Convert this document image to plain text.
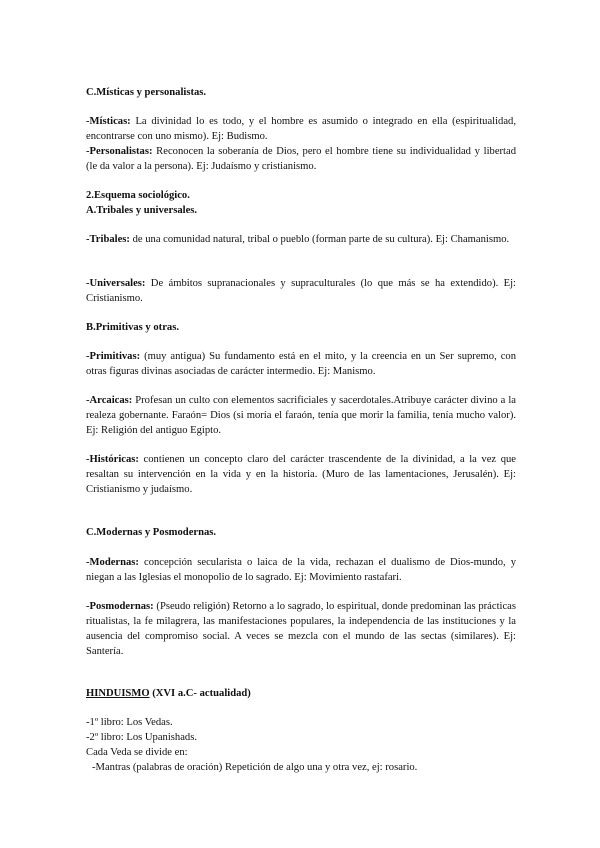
C.Místicas y personalistas.
-Místicas: La divinidad lo es todo, y el hombre es asumido o integrado en ella (espiritualidad, encontrarse con uno mismo). Ej: Budismo.
-Personalistas: Reconocen la soberanía de Dios, pero el hombre tiene su individualidad y libertad (le da valor a la persona). Ej: Judaísmo y cristianismo.
2.Esquema sociológico.
A.Tribales y universales.
-Tribales: de una comunidad natural, tribal o pueblo (forman parte de su cultura). Ej: Chamanismo.
-Universales: De ámbitos supranacionales y supraculturales (lo que más se ha extendido). Ej: Cristianismo.
B.Primitivas y otras.
-Primitivas: (muy antigua) Su fundamento está en el mito, y la creencia en un Ser supremo, con otras figuras divinas asociadas de carácter intermedio. Ej: Manismo.
-Arcaicas: Profesan un culto con elementos sacrificiales y sacerdotales.Atribuye carácter divino a la realeza gobernante. Faraón= Dios (si moría el faraón, tenía que morir la familia, tenía mucho valor). Ej: Religión del antiguo Egipto.
-Históricas: contienen un concepto claro del carácter trascendente de la divinidad, a la vez que resaltan su intervención en la vida y en la historia. (Muro de las lamentaciones, Jerusalén). Ej: Cristianismo y judaísmo.
C.Modernas y Posmodernas.
-Modernas: concepción secularista o laica de la vida, rechazan el dualismo de Dios-mundo, y niegan a las Iglesias el monopolio de lo sagrado. Ej: Movimiento rastafari.
-Posmodernas: (Pseudo religión) Retorno a lo sagrado, lo espiritual, donde predominan las prácticas ritualistas, la fe milagrera, las manifestaciones populares, la independencia de las instituciones y la ausencia del compromiso social. A veces se mezcla con el mundo de las sectas (similares). Ej: Santería.
HINDUISMO (XVI a.C- actualidad)
-1º libro: Los Vedas.
-2º libro: Los Upanishads.
Cada Veda se divide en:
-Mantras (palabras de oración) Repetición de algo una y otra vez, ej: rosario.
